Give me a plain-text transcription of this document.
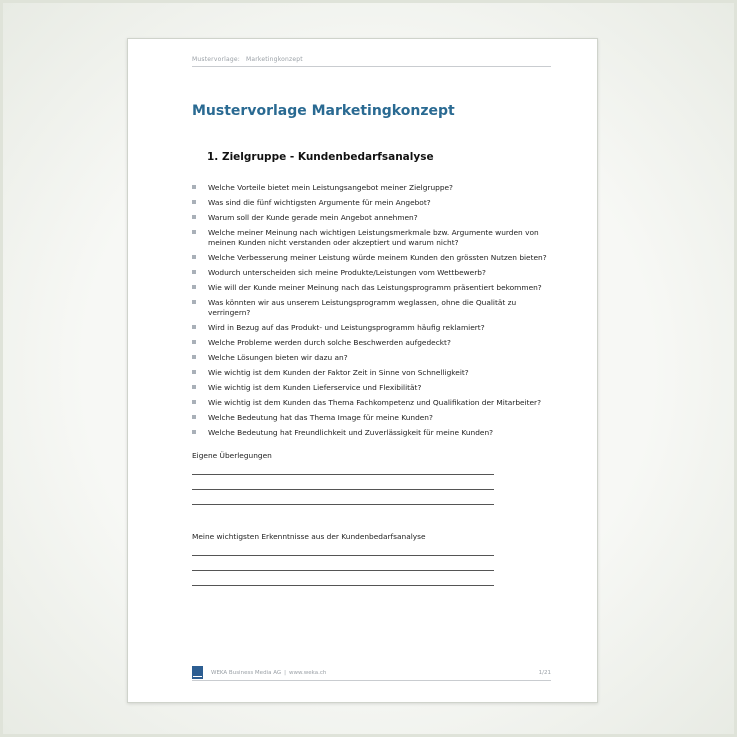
Mustervorlage: Marketingkonzept
Mustervorlage Marketingkonzept
1. Zielgruppe - Kundenbedarfsanalyse
Welche Vorteile bietet mein Leistungsangebot meiner Zielgruppe?
Was sind die fünf wichtigsten Argumente für mein Angebot?
Warum soll der Kunde gerade mein Angebot annehmen?
Welche meiner Meinung nach wichtigen Leistungsmerkmale bzw. Argumente wurden von meinen Kunden nicht verstanden oder akzeptiert und warum nicht?
Welche Verbesserung meiner Leistung würde meinem Kunden den grössten Nutzen bieten?
Wodurch unterscheiden sich meine Produkte/Leistungen vom Wettbewerb?
Wie will der Kunde meiner Meinung nach das Leistungsprogramm präsentiert bekommen?
Was könnten wir aus unserem Leistungsprogramm weglassen, ohne die Qualität zu verringern?
Wird in Bezug auf das Produkt- und Leistungsprogramm häufig reklamiert?
Welche Probleme werden durch solche Beschwerden aufgedeckt?
Welche Lösungen bieten wir dazu an?
Wie wichtig ist dem Kunden der Faktor Zeit in Sinne von Schnelligkeit?
Wie wichtig ist dem Kunden Lieferservice und Flexibilität?
Wie wichtig ist dem Kunden das Thema Fachkompetenz und Qualifikation der Mitarbeiter?
Welche Bedeutung hat das Thema Image für meine Kunden?
Welche Bedeutung hat Freundlichkeit und Zuverlässigkeit für meine Kunden?
Eigene Überlegungen
Meine wichtigsten Erkenntnisse aus der Kundenbedarfsanalyse
WEKA Business Media AG | www.weka.ch	1/21
